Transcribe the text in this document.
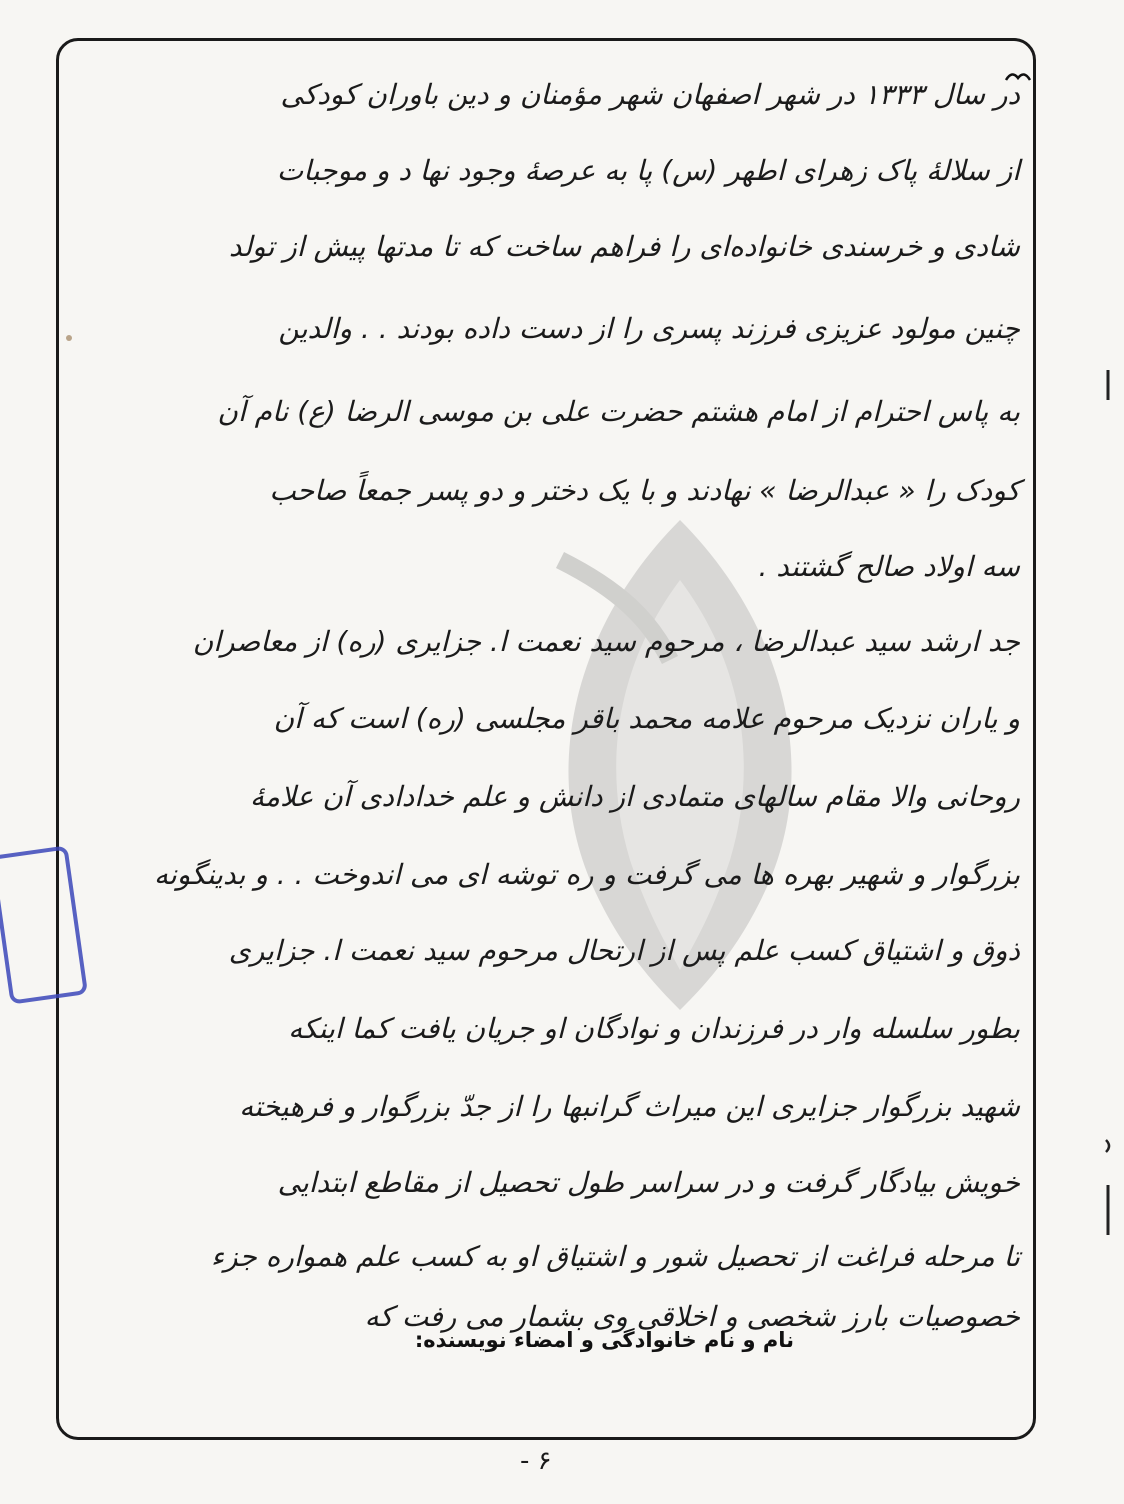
در سال ۱۳۳۳ در شهر اصفهان شهر مؤمنان و دین باوران کودکی
از سلالهٔ پاک زهرای اطهر (س) پا به عرصهٔ وجود نها د و موجبات
شادی و خرسندی خانواده‌ای را فراهم ساخت که تا مدتها پیش از تولد
چنین مولود عزیزی فرزند پسری را از دست داده بودند . . والدین
به پاس احترام از امام هشتم حضرت علی بن موسی الرضا (ع) نام آن
کودک را « عبدالرضا » نهادند و با یک دختر و دو پسر جمعاً صاحب
سه اولاد صالح گشتند .
جد ارشد سید عبدالرضا ، مرحوم سید نعمت ا. جزایری (ره) از معاصران
و یاران نزدیک مرحوم علامه محمد باقر مجلسی (ره) است که آن
روحانی والا مقام سالهای متمادی از دانش و علم خدادادی آن علامهٔ
بزرگوار و شهیر بهره ها می گرفت و ره توشه ای می اندوخت . . و بدینگونه
ذوق و اشتیاق کسب علم پس از ارتحال مرحوم سید نعمت ا. جزایری
بطور سلسله وار در فرزندان و نوادگان او جریان یافت کما اینکه
شهید بزرگوار جزایری این میراث گرانبها را از جدّ بزرگوار و فرهیخته
خویش بیادگار گرفت و در سراسر طول تحصیل از مقاطع ابتدایی
تا مرحله فراغت از تحصیل شور و اشتیاق او به کسب علم همواره جزء
خصوصیات بارز شخصی و اخلاقی وی بشمار می رفت که
نام و نام خانوادگی و امضاء نویسنده:
- ۶
